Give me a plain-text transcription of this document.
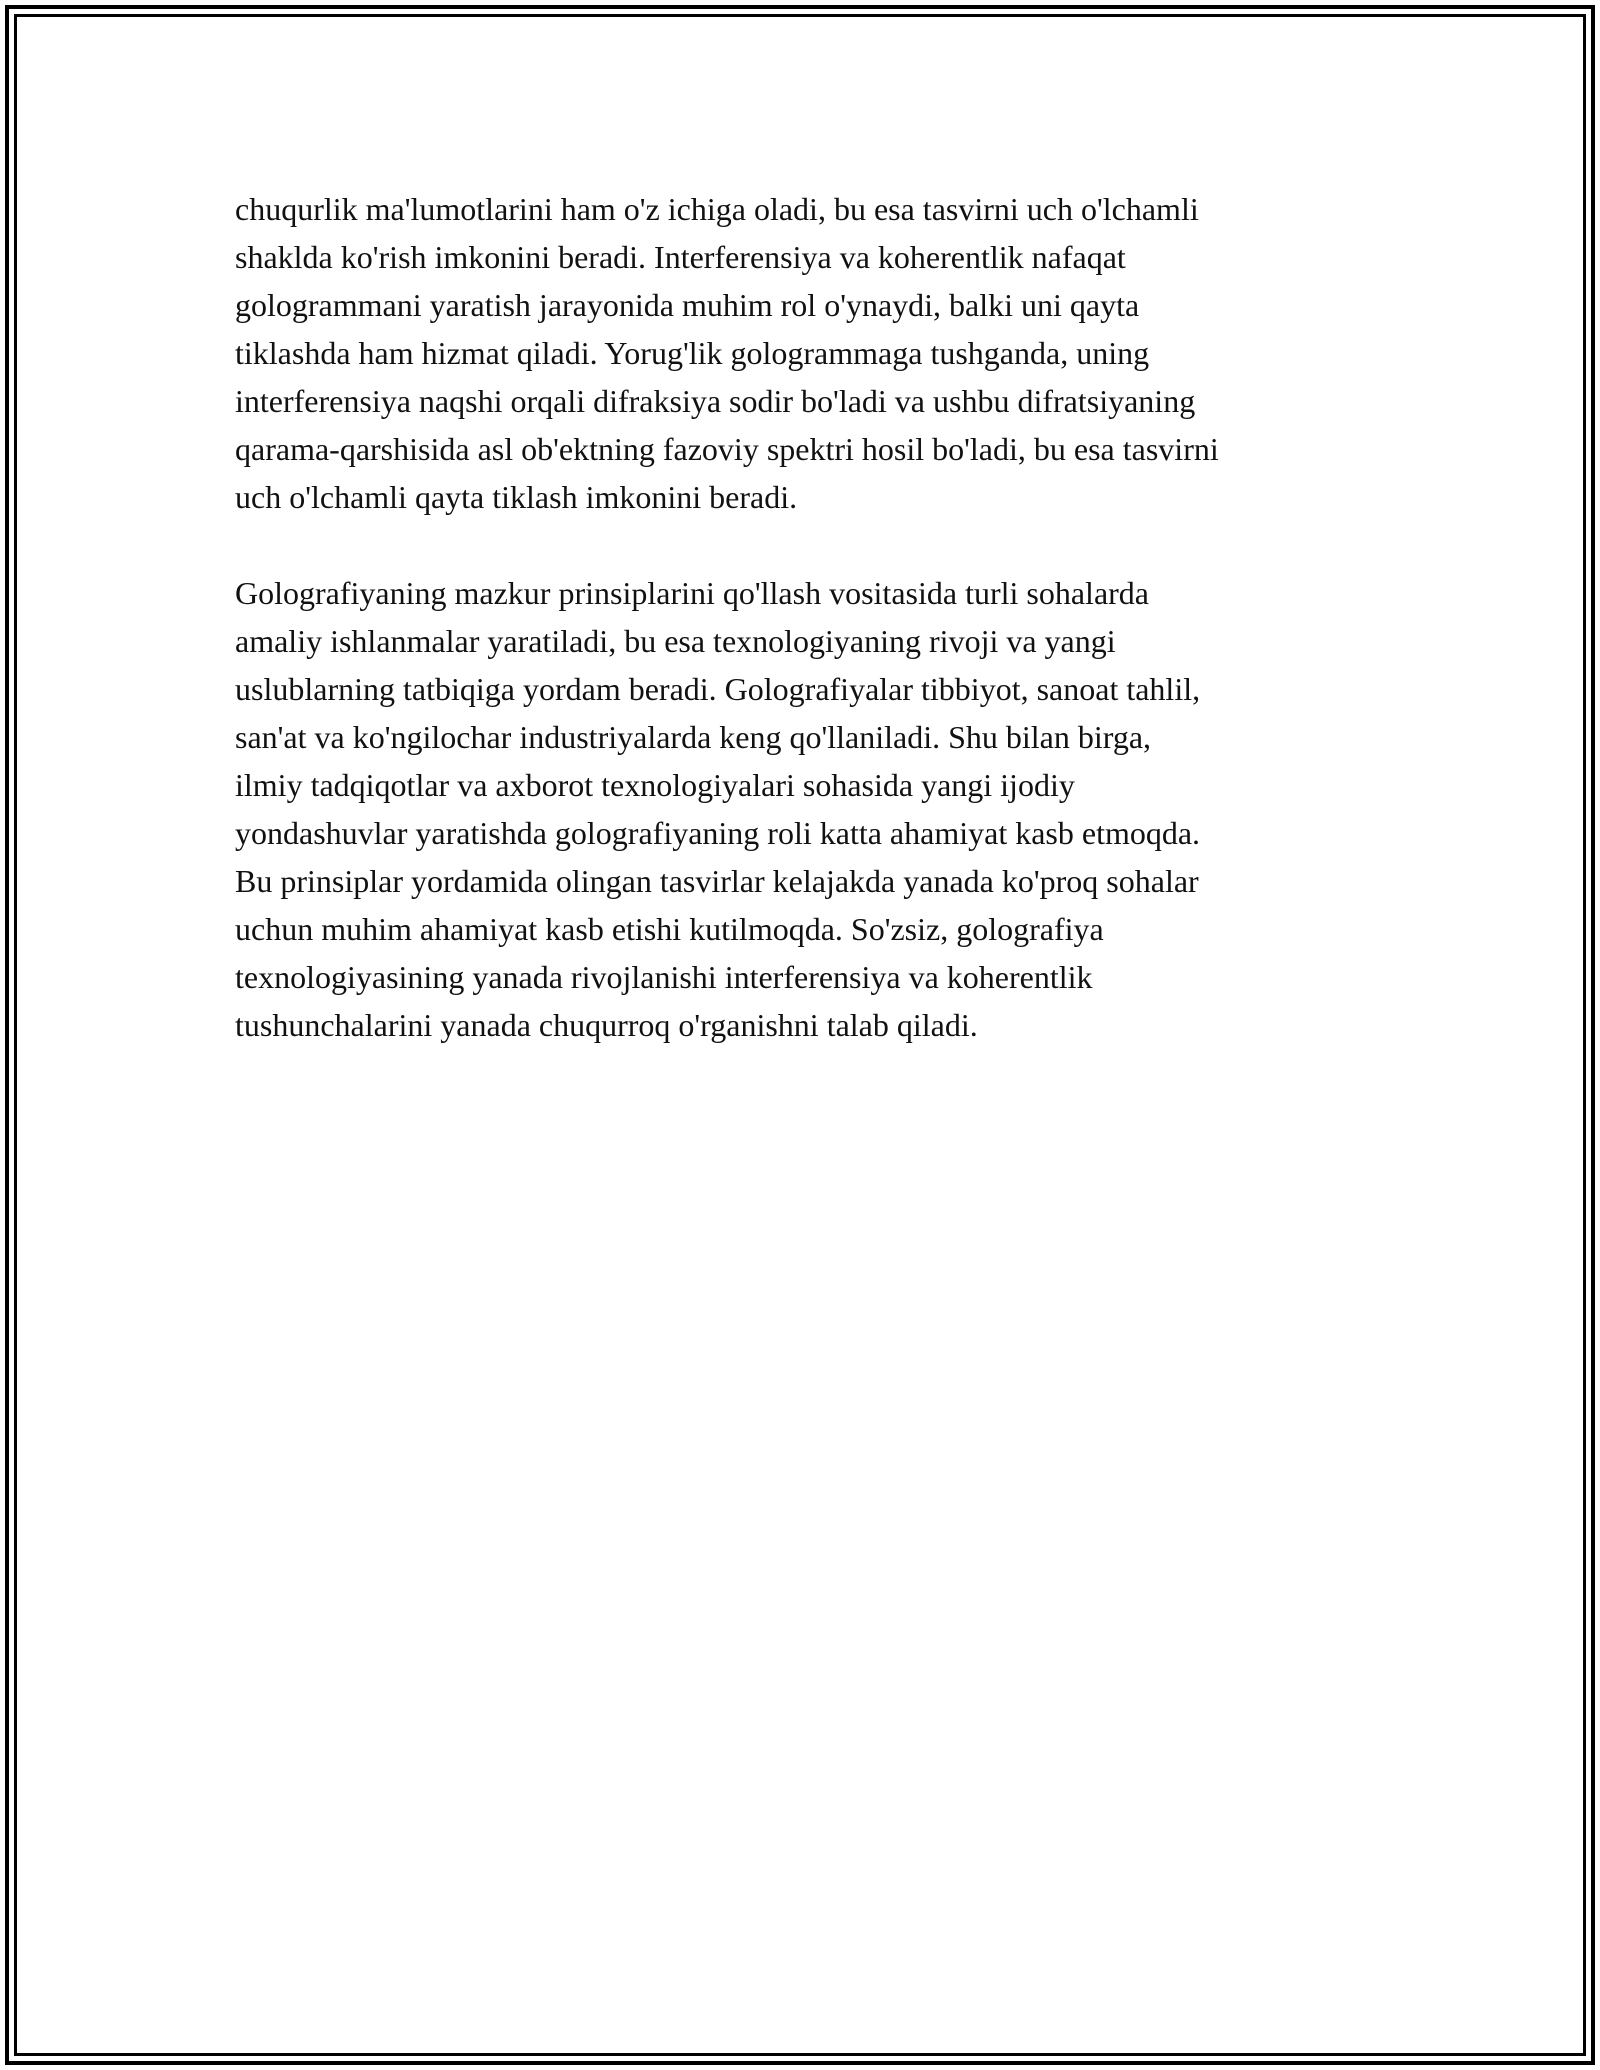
chuqurlik ma'lumotlarini ham o'z ichiga oladi, bu esa tasvirni uch o'lchamli
shaklda ko'rish imkonini beradi. Interferensiya va koherentlik nafaqat
gologrammani yaratish jarayonida muhim rol o'ynaydi, balki uni qayta
tiklashda ham hizmat qiladi. Yorug'lik gologrammaga tushganda, uning
interferensiya naqshi orqali difraksiya sodir bo'ladi va ushbu difratsiyaning
qarama-qarshisida asl ob'ektning fazoviy spektri hosil bo'ladi, bu esa tasvirni
uch o'lchamli qayta tiklash imkonini beradi.

Golografiyaning mazkur prinsiplarini qo'llash vositasida turli sohalarda
amaliy ishlanmalar yaratiladi, bu esa texnologiyaning rivoji va yangi
uslublarning tatbiqiga yordam beradi. Golografiyalar tibbiyot, sanoat tahlil,
san'at va ko'ngilochar industriyalarda keng qo'llaniladi. Shu bilan birga,
ilmiy tadqiqotlar va axborot texnologiyalari sohasida yangi ijodiy
yondashuvlar yaratishda golografiyaning roli katta ahamiyat kasb etmoqda.
Bu prinsiplar yordamida olingan tasvirlar kelajakda yanada ko'proq sohalar
uchun muhim ahamiyat kasb etishi kutilmoqda. So'zsiz, golografiya
texnologiyasining yanada rivojlanishi interferensiya va koherentlik
tushunchalarini yanada chuqurroq o'rganishni talab qiladi.
